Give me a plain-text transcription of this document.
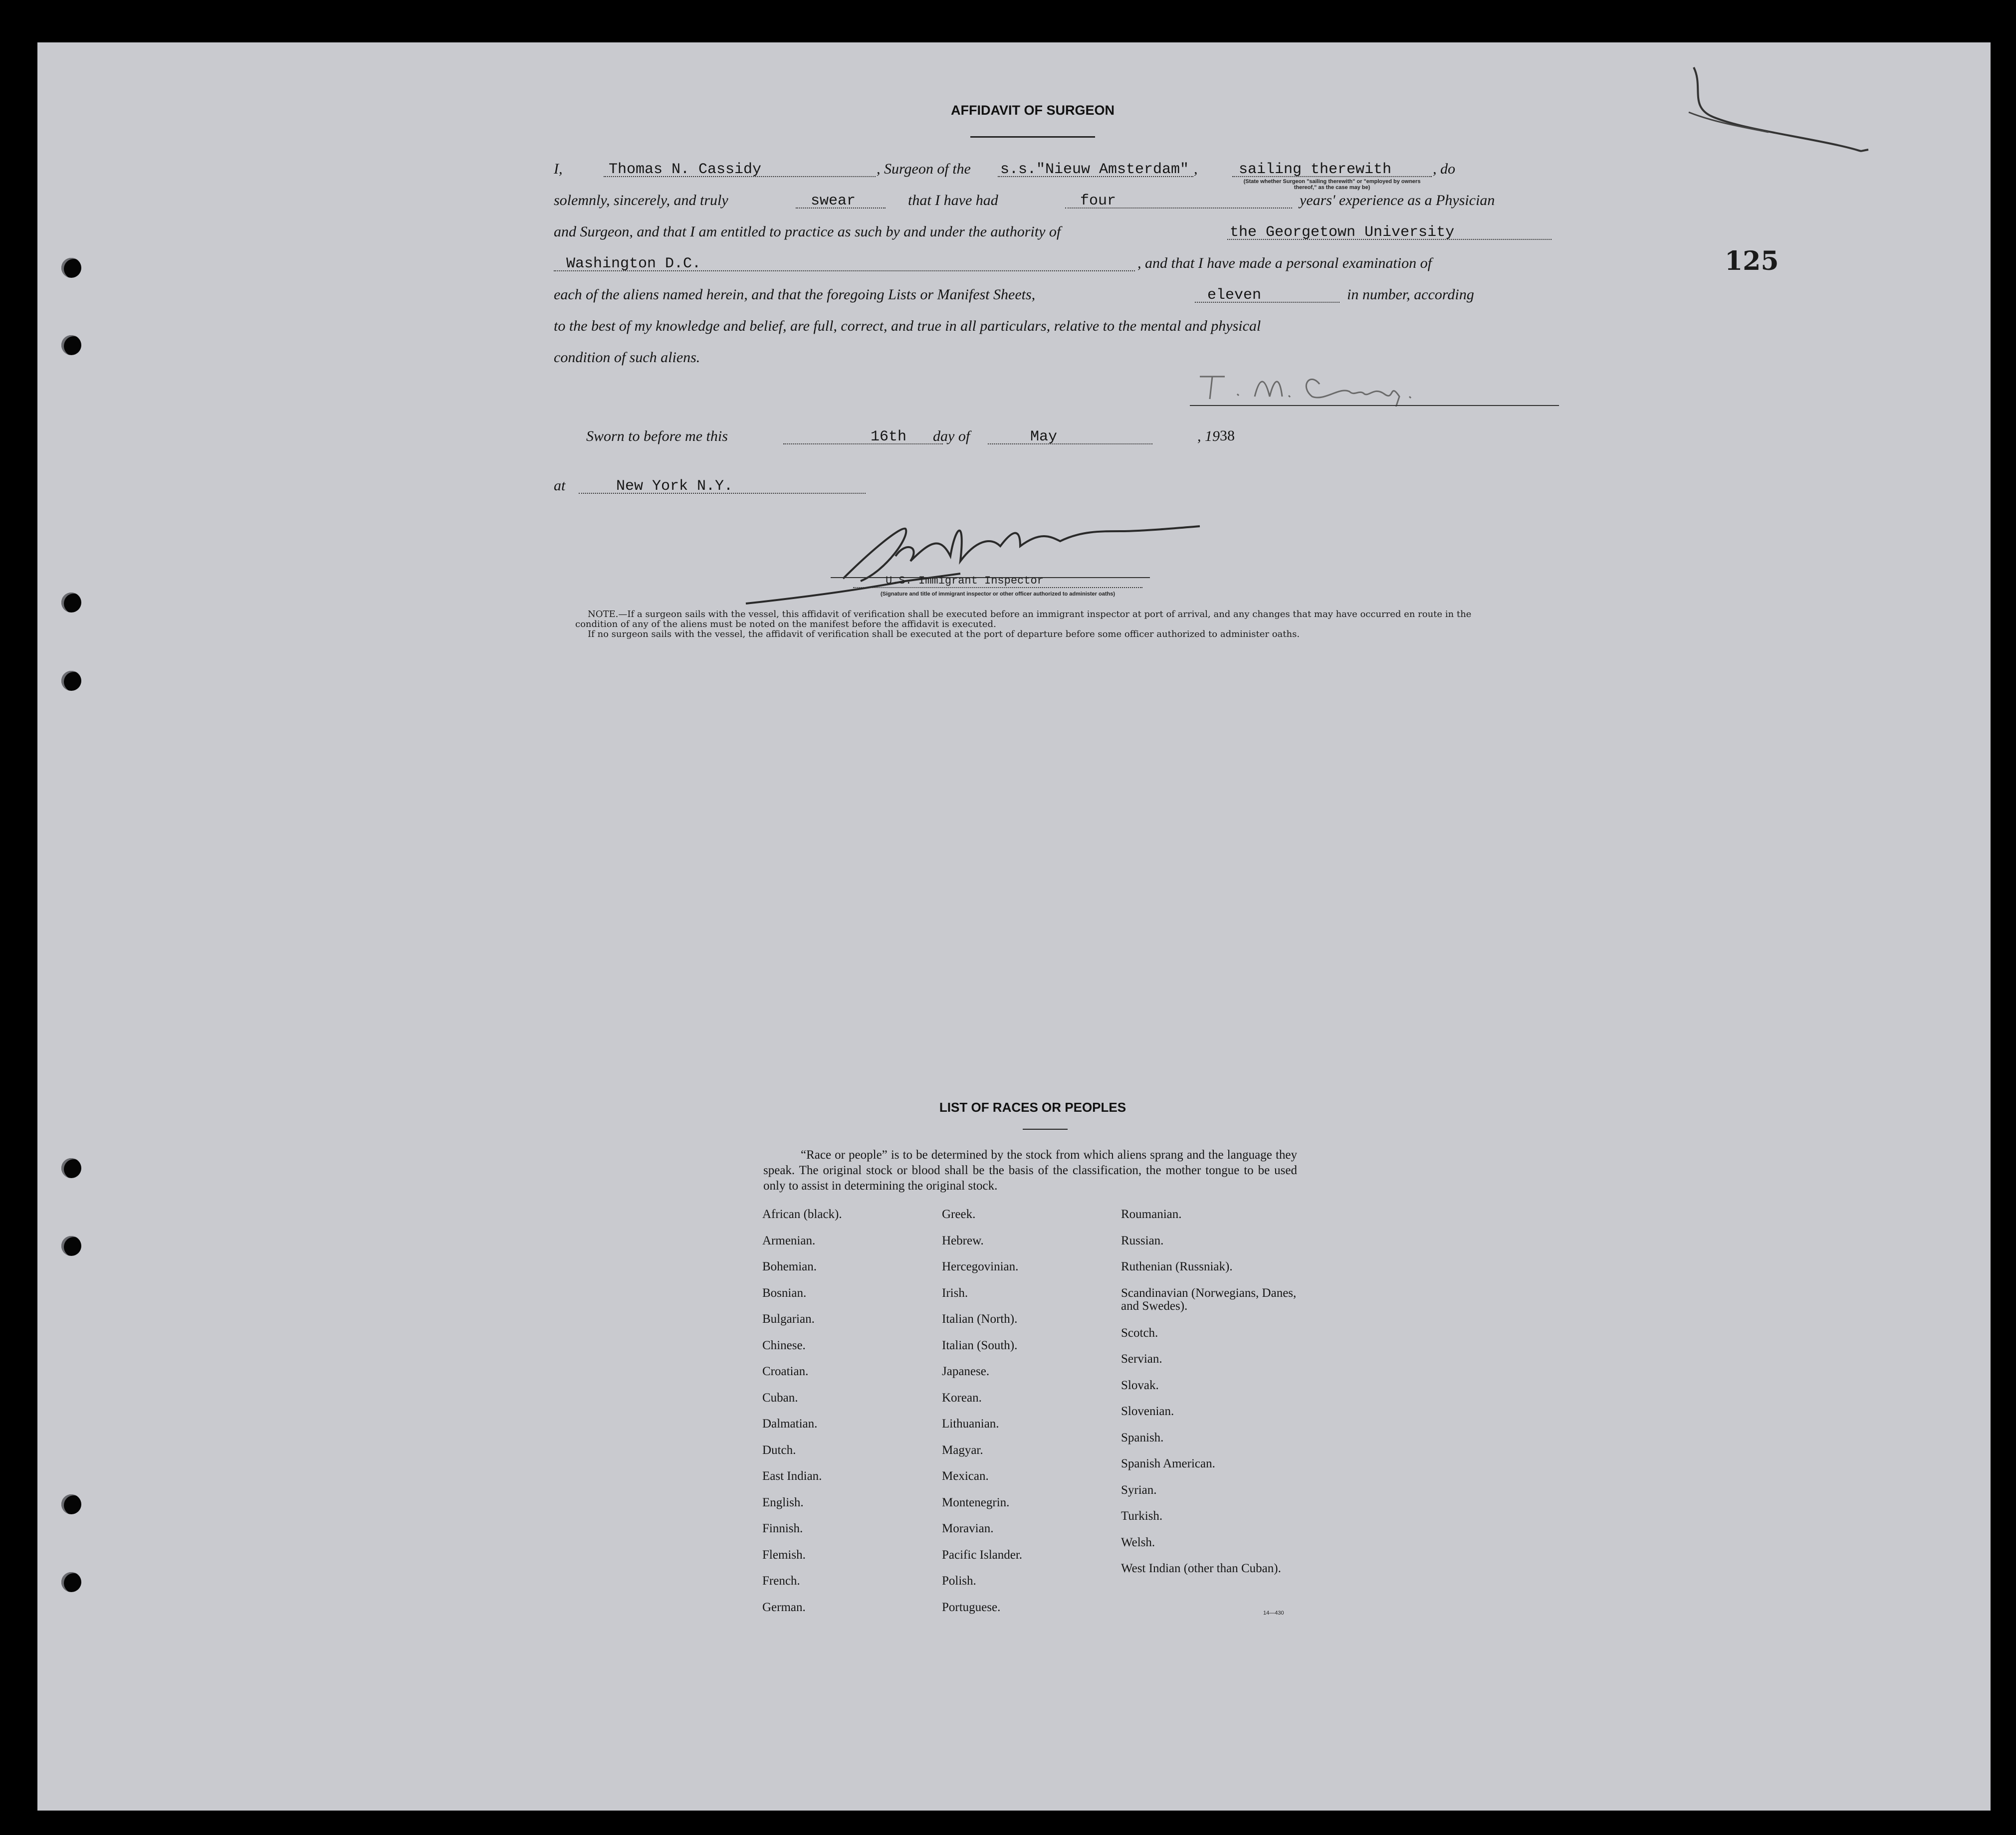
125
AFFIDAVIT OF SURGEON
I,	Thomas N. Cassidy	, Surgeon of the s.s."Nieuw Amsterdam" ,	sailing therewith	, do
(State whether Surgeon "sailing therewith" or "employed by owners thereof," as the case may be)
solemnly, sincerely, and truly	swear	that I have had	four	years' experience as a Physician
and Surgeon, and that I am entitled to practice as such by and under the authority of	the Georgetown University
Washington D.C.	, and that I have made a personal examination of
each of the aliens named herein, and that the foregoing Lists or Manifest Sheets,	eleven	in number, according
to the best of my knowledge and belief, are full, correct, and true in all particulars, relative to the mental and physical
condition of such aliens.
Sworn to before me this	16th day of	May	, 19 38
at	New York N.Y.
U.S. Immigrant Inspector
(Signature and title of immigrant inspector or other officer authorized to administer oaths)
NOTE.—If a surgeon sails with the vessel, this affidavit of verification shall be executed before an immigrant inspector at port of arrival, and any changes that may have occurred en route in the condition of any of the aliens must be noted on the manifest before the affidavit is executed.
If no surgeon sails with the vessel, the affidavit of verification shall be executed at the port of departure before some officer authorized to administer oaths.
LIST OF RACES OR PEOPLES
“Race or people” is to be determined by the stock from which aliens sprang and the language they speak. The original stock or blood shall be the basis of the classification, the mother tongue to be used only to assist in determining the original stock.
African (black).
Armenian.
Bohemian.
Bosnian.
Bulgarian.
Chinese.
Croatian.
Cuban.
Dalmatian.
Dutch.
East Indian.
English.
Finnish.
Flemish.
French.
German.
Greek.
Hebrew.
Hercegovinian.
Irish.
Italian (North).
Italian (South).
Japanese.
Korean.
Lithuanian.
Magyar.
Mexican.
Montenegrin.
Moravian.
Pacific Islander.
Polish.
Portuguese.
Roumanian.
Russian.
Ruthenian (Russniak).
Scandinavian (Norwegians, Danes, and Swedes).
Scotch.
Servian.
Slovak.
Slovenian.
Spanish.
Spanish American.
Syrian.
Turkish.
Welsh.
West Indian (other than Cuban).
14—430
